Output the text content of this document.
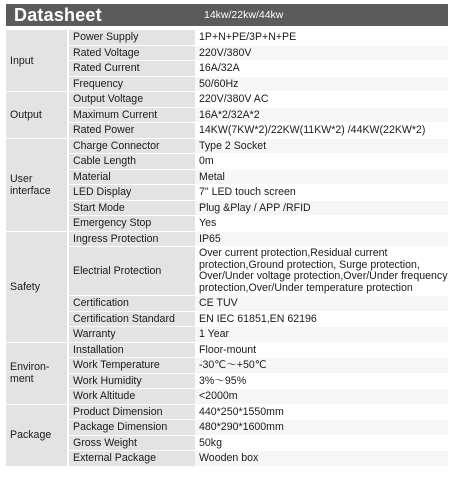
Datasheet	14kw/22kw/44kw
Input	Power Supply	1P+N+PE/3P+N+PE
	Rated Voltage	220V/380V
	Rated Current	16A/32A
	Frequency	50/60Hz
Output	Output Voltage	220V/380V AC
	Maximum Current	16A*2/32A*2
	Rated Power	14KW(7KW*2)/22KW(11KW*2) /44KW(22KW*2)
User interface	Charge Connector	Type 2 Socket
	Cable Length	0m
	Material	Metal
	LED Display	7" LED touch screen
	Start Mode	Plug &Play / APP /RFID
	Emergency Stop	Yes
Safety	Ingress Protection	IP65
	Electrial Protection	Over current protection,Residual current protection,Ground protection, Surge protection, Over/Under voltage protection,Over/Under frequency protection,Over/Under temperature protection
	Certification	CE TUV
	Certification Standard	EN IEC 61851,EN 62196
	Warranty	1 Year
Environ-ment	Installation	Floor-mount
	Work Temperature	-30℃～+50℃
	Work Humidity	3%～95%
	Work Altitude	<2000m
Package	Product Dimension	440*250*1550mm
	Package Dimension	480*290*1600mm
	Gross Weight	50kg
	External Package	Wooden box
